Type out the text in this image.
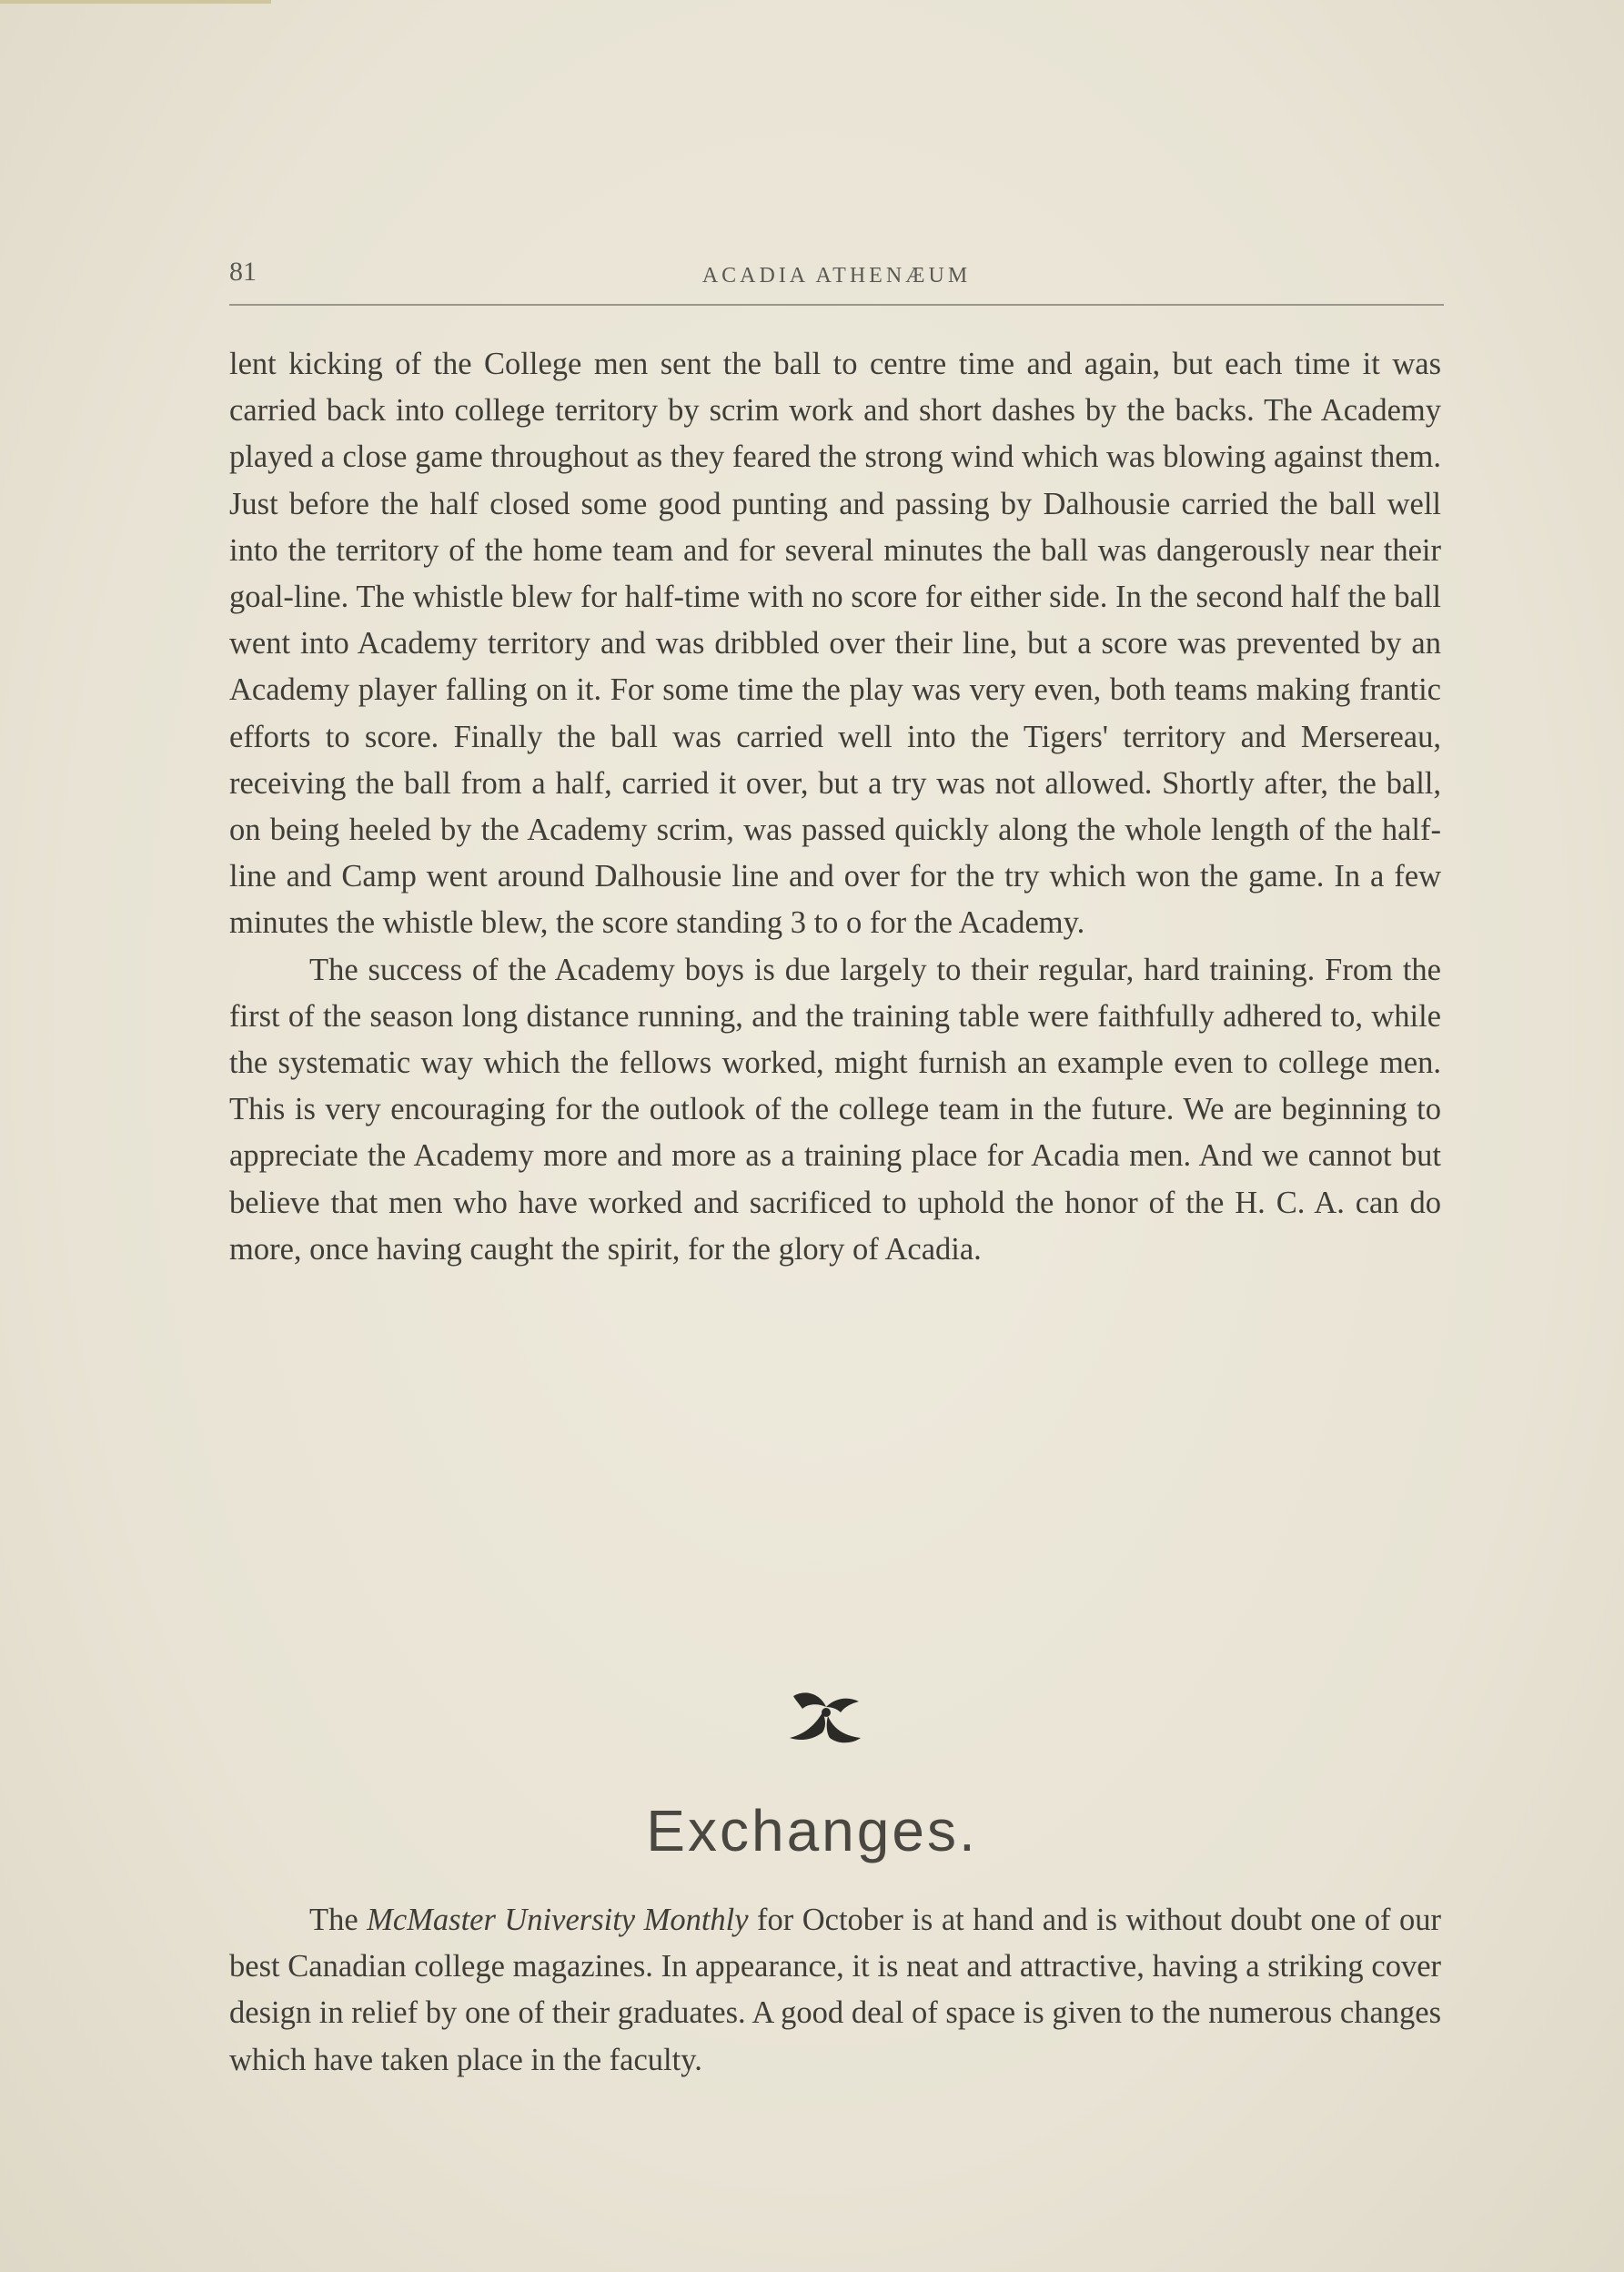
81	ACADIA ATHENÆUM

lent kicking of the College men sent the ball to centre time and again, but each time it was carried back into college territory by scrim work and short dashes by the backs. The Academy played a close game throughout as they feared the strong wind which was blowing against them. Just before the half closed some good punting and passing by Dalhousie carried the ball well into the territory of the home team and for several minutes the ball was dangerously near their goal-line. The whistle blew for half-time with no score for either side. In the second half the ball went into Academy territory and was dribbled over their line, but a score was prevented by an Academy player falling on it. For some time the play was very even, both teams making frantic efforts to score. Finally the ball was carried well into the Tigers' territory and Mersereau, receiving the ball from a half, carried it over, but a try was not allowed. Shortly after, the ball, on being heeled by the Academy scrim, was passed quickly along the whole length of the half-line and Camp went around Dalhousie line and over for the try which won the game. In a few minutes the whistle blew, the score standing 3 to o for the Academy.

The success of the Academy boys is due largely to their regular, hard training. From the first of the season long distance running, and the training table were faithfully adhered to, while the systematic way which the fellows worked, might furnish an example even to college men. This is very encouraging for the outlook of the college team in the future. We are beginning to appreciate the Academy more and more as a training place for Acadia men. And we cannot but believe that men who have worked and sacrificed to uphold the honor of the H. C. A. can do more, once having caught the spirit, for the glory of Acadia.

Exchanges.

The McMaster University Monthly for October is at hand and is without doubt one of our best Canadian college magazines. In appearance, it is neat and attractive, having a striking cover design in relief by one of their graduates. A good deal of space is given to the numerous changes which have taken place in the faculty.
